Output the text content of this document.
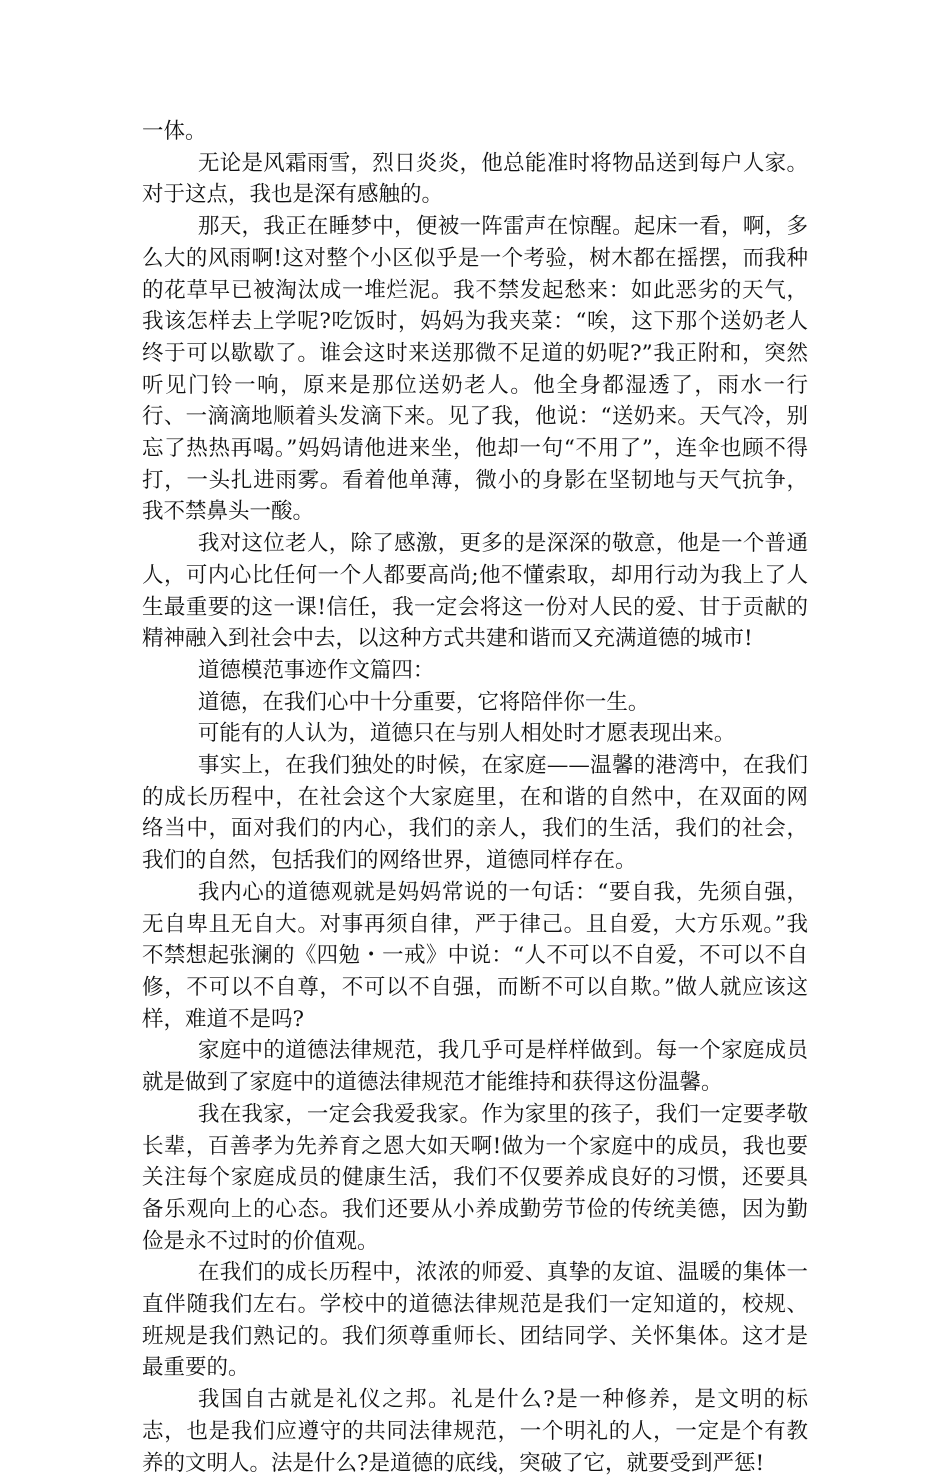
一体。

无论是风霜雨雪，烈日炎炎，他总能准时将物品送到每户人家。对于这点，我也是深有感触的。

那天，我正在睡梦中，便被一阵雷声在惊醒。起床一看，啊，多么大的风雨啊!这对整个小区似乎是一个考验，树木都在摇摆，而我种的花草早已被淘汰成一堆烂泥。我不禁发起愁来：如此恶劣的天气，我该怎样去上学呢?吃饭时，妈妈为我夹菜：“唉，这下那个送奶老人终于可以歇歇了。谁会这时来送那微不足道的奶呢?”我正附和，突然听见门铃一响，原来是那位送奶老人。他全身都湿透了，雨水一行行、一滴滴地顺着头发滴下来。见了我，他说：“送奶来。天气冷，别忘了热热再喝。”妈妈请他进来坐，他却一句“不用了”，连伞也顾不得打，一头扎进雨雾。看着他单薄，微小的身影在坚韧地与天气抗争，我不禁鼻头一酸。

我对这位老人，除了感激，更多的是深深的敬意，他是一个普通人，可内心比任何一个人都要高尚;他不懂索取，却用行动为我上了人生最重要的这一课!信任，我一定会将这一份对人民的爱、甘于贡献的精神融入到社会中去，以这种方式共建和谐而又充满道德的城市!

道德模范事迹作文篇四：

道德，在我们心中十分重要，它将陪伴你一生。

可能有的人认为，道德只在与别人相处时才愿表现出来。

事实上，在我们独处的时候，在家庭——温馨的港湾中，在我们的成长历程中，在社会这个大家庭里，在和谐的自然中，在双面的网络当中，面对我们的内心，我们的亲人，我们的生活，我们的社会，我们的自然，包括我们的网络世界，道德同样存在。

我内心的道德观就是妈妈常说的一句话：“要自我，先须自强，无自卑且无自大。对事再须自律，严于律己。且自爱，大方乐观。”我不禁想起张澜的《四勉・一戒》中说：“人不可以不自爱，不可以不自修，不可以不自尊，不可以不自强，而断不可以自欺。”做人就应该这样，难道不是吗?

家庭中的道德法律规范，我几乎可是样样做到。每一个家庭成员就是做到了家庭中的道德法律规范才能维持和获得这份温馨。

我在我家，一定会我爱我家。作为家里的孩子，我们一定要孝敬长辈，百善孝为先养育之恩大如天啊!做为一个家庭中的成员，我也要关注每个家庭成员的健康生活，我们不仅要养成良好的习惯，还要具备乐观向上的心态。我们还要从小养成勤劳节俭的传统美德，因为勤俭是永不过时的价值观。

在我们的成长历程中，浓浓的师爱、真挚的友谊、温暖的集体一直伴随我们左右。学校中的道德法律规范是我们一定知道的，校规、班规是我们熟记的。我们须尊重师长、团结同学、关怀集体。这才是最重要的。

我国自古就是礼仪之邦。礼是什么?是一种修养，是文明的标志，也是我们应遵守的共同法律规范，一个明礼的人，一定是个有教养的文明人。法是什么?是道德的底线，突破了它，就要受到严惩!
